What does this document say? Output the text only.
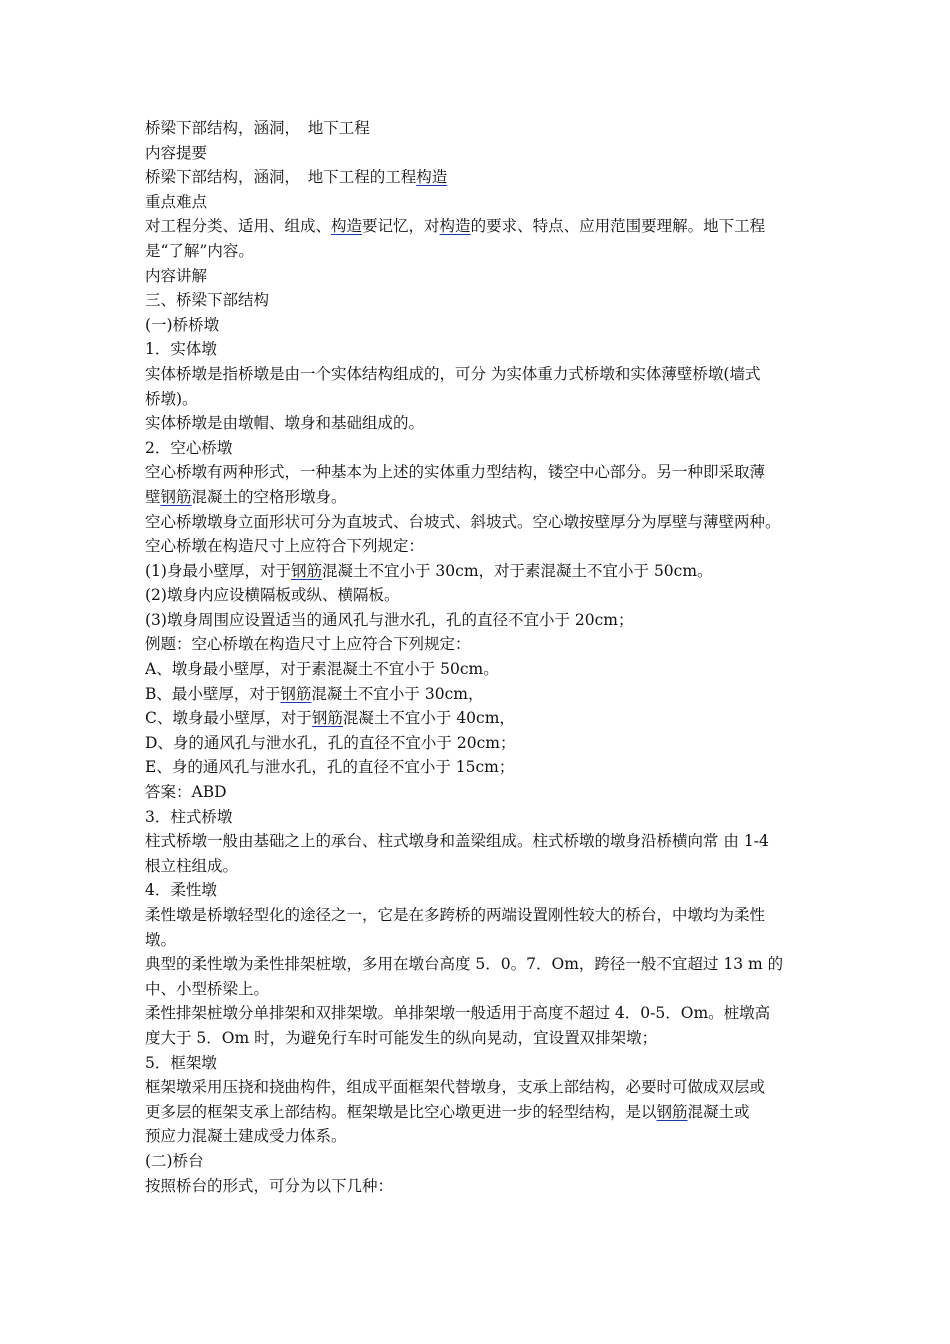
桥梁下部结构，涵洞，　地下工程
内容提要
桥梁下部结构，涵洞，　地下工程的工程构造
重点难点
对工程分类、适用、组成、构造要记忆，对构造的要求、特点、应用范围要理解。地下工程
是“了解”内容。
内容讲解
三、桥梁下部结构
(一)桥桥墩
1．实体墩
实体桥墩是指桥墩是由一个实体结构组成的，可分 为实体重力式桥墩和实体薄壁桥墩(墙式
桥墩)。
实体桥墩是由墩帽、墩身和基础组成的。
2．空心桥墩
空心桥墩有两种形式，一种基本为上述的实体重力型结构，镂空中心部分。另一种即采取薄
壁钢筋混凝土的空格形墩身。
空心桥墩墩身立面形状可分为直坡式、台坡式、斜坡式。空心墩按壁厚分为厚壁与薄壁两种。
空心桥墩在构造尺寸上应符合下列规定：
(1)身最小壁厚，对于钢筋混凝土不宜小于 30cm，对于素混凝土不宜小于 50cm。
(2)墩身内应设横隔板或纵、横隔板。
(3)墩身周围应设置适当的通风孔与泄水孔，孔的直径不宜小于 20cm；
例题：空心桥墩在构造尺寸上应符合下列规定：
A、墩身最小壁厚，对于素混凝土不宜小于 50cm。
B、最小壁厚，对于钢筋混凝土不宜小于 30cm，
C、墩身最小壁厚，对于钢筋混凝土不宜小于 40cm，
D、身的通风孔与泄水孔，孔的直径不宜小于 20cm；
E、身的通风孔与泄水孔，孔的直径不宜小于 15cm；
答案：ABD
3．柱式桥墩
柱式桥墩一般由基础之上的承台、柱式墩身和盖梁组成。柱式桥墩的墩身沿桥横向常 由 1-4
根立柱组成。
4．柔性墩
柔性墩是桥墩轻型化的途径之一，它是在多跨桥的两端设置刚性较大的桥台，中墩均为柔性
墩。
典型的柔性墩为柔性排架桩墩，多用在墩台高度 5．0。7．Om，跨径一般不宜超过 13 m 的
中、小型桥梁上。
柔性排架桩墩分单排架和双排架墩。单排架墩一般适用于高度不超过 4．0-5．Om。桩墩高
度大于 5．Om 时，为避免行车时可能发生的纵向晃动，宜设置双排架墩；
5．框架墩
框架墩采用压挠和挠曲构件，组成平面框架代替墩身，支承上部结构，必要时可做成双层或
更多层的框架支承上部结构。框架墩是比空心墩更进一步的轻型结构，是以钢筋混凝土或
预应力混凝土建成受力体系。
(二)桥台
按照桥台的形式，可分为以下几种：
